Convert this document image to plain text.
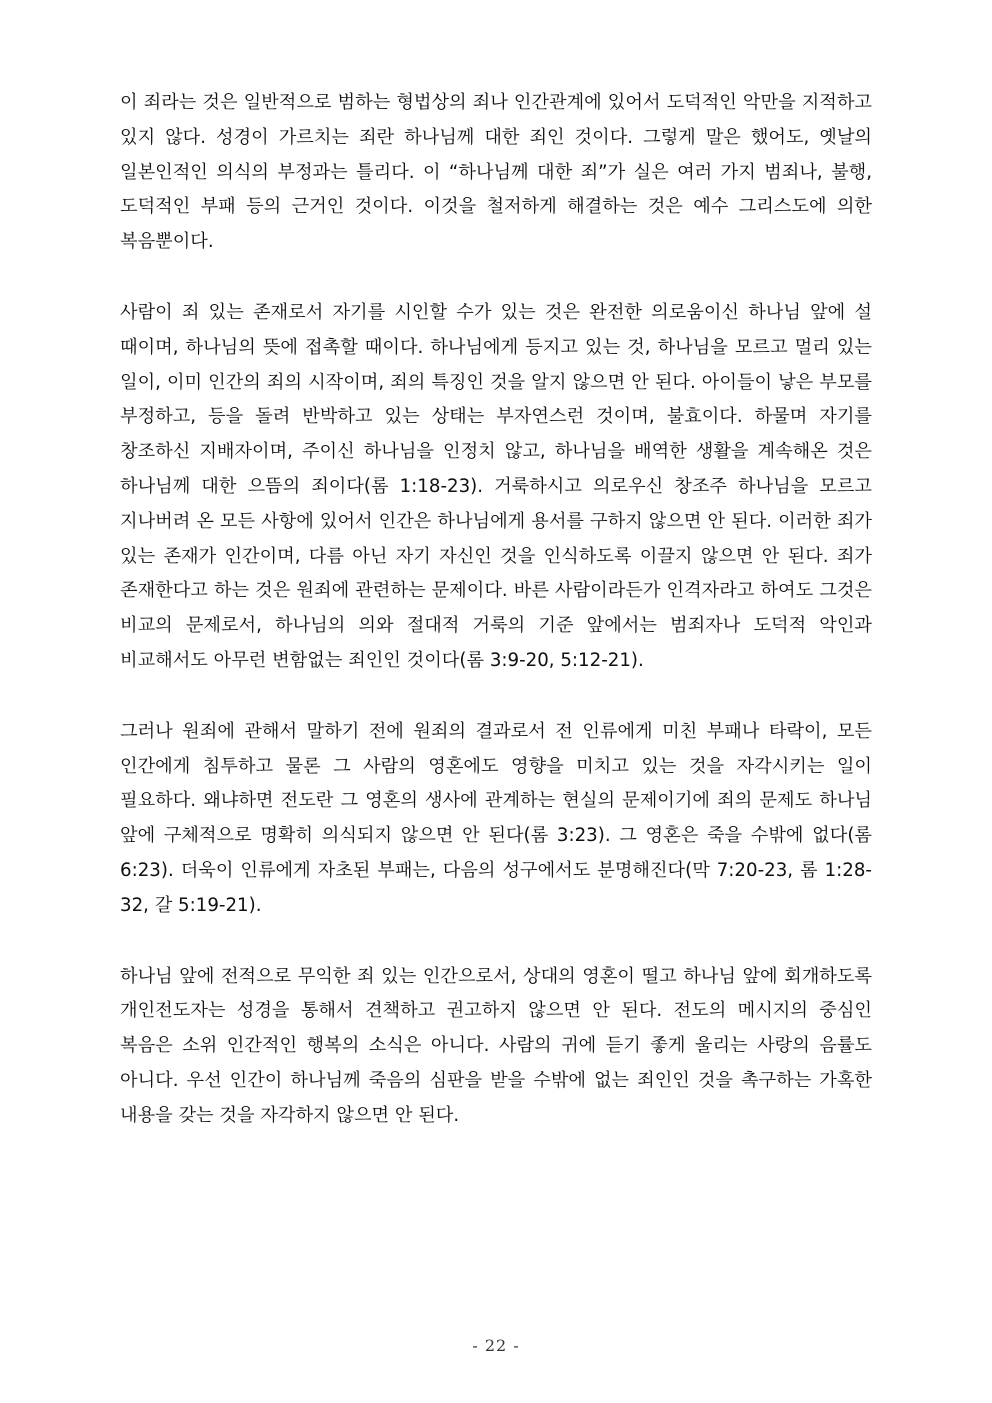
이 죄라는 것은 일반적으로 범하는 형법상의 죄나 인간관계에 있어서 도덕적인 악만을 지적하고 있지 않다. 성경이 가르치는 죄란 하나님께 대한 죄인 것이다. 그렇게 말은 했어도, 옛날의 일본인적인 의식의 부정과는 틀리다. 이 “하나님께 대한 죄”가 실은 여러 가지 범죄나, 불행, 도덕적인 부패 등의 근거인 것이다. 이것을 철저하게 해결하는 것은 예수 그리스도에 의한 복음뿐이다.

사람이 죄 있는 존재로서 자기를 시인할 수가 있는 것은 완전한 의로움이신 하나님 앞에 설 때이며, 하나님의 뜻에 접촉할 때이다. 하나님에게 등지고 있는 것, 하나님을 모르고 멀리 있는 일이, 이미 인간의 죄의 시작이며, 죄의 특징인 것을 알지 않으면 안 된다. 아이들이 낳은 부모를 부정하고, 등을 돌려 반박하고 있는 상태는 부자연스런 것이며, 불효이다. 하물며 자기를 창조하신 지배자이며, 주이신 하나님을 인정치 않고, 하나님을 배역한 생활을 계속해온 것은 하나님께 대한 으뜸의 죄이다(롬 1:18-23). 거룩하시고 의로우신 창조주 하나님을 모르고 지나버려 온 모든 사항에 있어서 인간은 하나님에게 용서를 구하지 않으면 안 된다. 이러한 죄가 있는 존재가 인간이며, 다름 아닌 자기 자신인 것을 인식하도록 이끌지 않으면 안 된다. 죄가 존재한다고 하는 것은 원죄에 관련하는 문제이다. 바른 사람이라든가 인격자라고 하여도 그것은 비교의 문제로서, 하나님의 의와 절대적 거룩의 기준 앞에서는 범죄자나 도덕적 악인과 비교해서도 아무런 변함없는 죄인인 것이다(롬 3:9-20, 5:12-21).

그러나 원죄에 관해서 말하기 전에 원죄의 결과로서 전 인류에게 미친 부패나 타락이, 모든 인간에게 침투하고 물론 그 사람의 영혼에도 영향을 미치고 있는 것을 자각시키는 일이 필요하다. 왜냐하면 전도란 그 영혼의 생사에 관계하는 현실의 문제이기에 죄의 문제도 하나님 앞에 구체적으로 명확히 의식되지 않으면 안 된다(롬 3:23). 그 영혼은 죽을 수밖에 없다(롬 6:23). 더욱이 인류에게 자초된 부패는, 다음의 성구에서도 분명해진다(막 7:20-23, 롬 1:28-32, 갈 5:19-21).

하나님 앞에 전적으로 무익한 죄 있는 인간으로서, 상대의 영혼이 떨고 하나님 앞에 회개하도록 개인전도자는 성경을 통해서 견책하고 권고하지 않으면 안 된다. 전도의 메시지의 중심인 복음은 소위 인간적인 행복의 소식은 아니다. 사람의 귀에 듣기 좋게 울리는 사랑의 음률도 아니다. 우선 인간이 하나님께 죽음의 심판을 받을 수밖에 없는 죄인인 것을 촉구하는 가혹한 내용을 갖는 것을 자각하지 않으면 안 된다.

- 22 -
